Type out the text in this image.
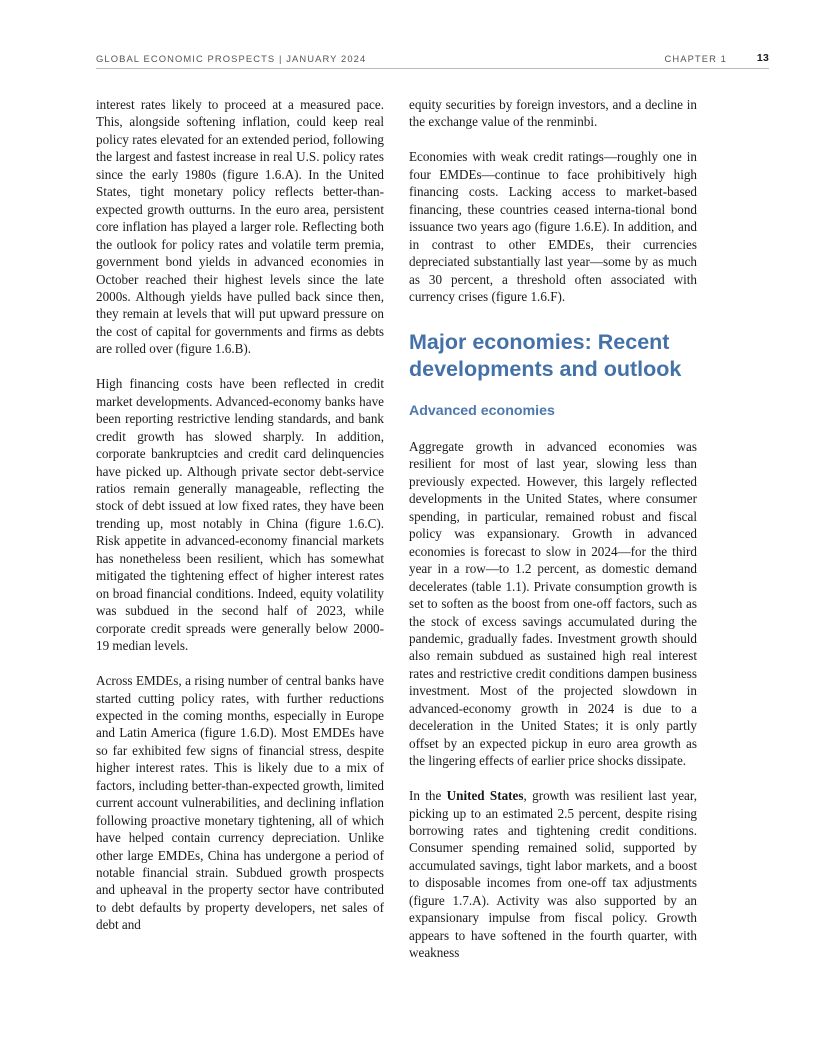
GLOBAL ECONOMIC PROSPECTS | JANUARY 2024	CHAPTER 1	13

interest rates likely to proceed at a measured pace. This, alongside softening inflation, could keep real policy rates elevated for an extended period, following the largest and fastest increase in real U.S. policy rates since the early 1980s (figure 1.6.A). In the United States, tight monetary policy reflects better-than-expected growth outturns. In the euro area, persistent core inflation has played a larger role. Reflecting both the outlook for policy rates and volatile term premia, government bond yields in advanced economies in October reached their highest levels since the late 2000s. Although yields have pulled back since then, they remain at levels that will put upward pressure on the cost of capital for governments and firms as debts are rolled over (figure 1.6.B).

High financing costs have been reflected in credit market developments. Advanced-economy banks have been reporting restrictive lending standards, and bank credit growth has slowed sharply. In addition, corporate bankruptcies and credit card delinquencies have picked up. Although private sector debt-service ratios remain generally manageable, reflecting the stock of debt issued at low fixed rates, they have been trending up, most notably in China (figure 1.6.C). Risk appetite in advanced-economy financial markets has nonetheless been resilient, which has somewhat mitigated the tightening effect of higher interest rates on broad financial conditions. Indeed, equity volatility was subdued in the second half of 2023, while corporate credit spreads were generally below 2000-19 median levels.

Across EMDEs, a rising number of central banks have started cutting policy rates, with further reductions expected in the coming months, especially in Europe and Latin America (figure 1.6.D). Most EMDEs have so far exhibited few signs of financial stress, despite higher interest rates. This is likely due to a mix of factors, including better-than-expected growth, limited current account vulnerabilities, and declining inflation following proactive monetary tightening, all of which have helped contain currency depreciation. Unlike other large EMDEs, China has undergone a period of notable financial strain. Subdued growth prospects and upheaval in the property sector have contributed to debt defaults by property developers, net sales of debt and

equity securities by foreign investors, and a decline in the exchange value of the renminbi.

Economies with weak credit ratings—roughly one in four EMDEs—continue to face prohibitively high financing costs. Lacking access to market-based financing, these countries ceased interna-tional bond issuance two years ago (figure 1.6.E). In addition, and in contrast to other EMDEs, their currencies depreciated substantially last year—some by as much as 30 percent, a threshold often associated with currency crises (figure 1.6.F).

Major economies: Recent developments and outlook
Advanced economies

Aggregate growth in advanced economies was resilient for most of last year, slowing less than previously expected. However, this largely reflected developments in the United States, where consumer spending, in particular, remained robust and fiscal policy was expansionary. Growth in advanced economies is forecast to slow in 2024—for the third year in a row—to 1.2 percent, as domestic demand decelerates (table 1.1). Private consumption growth is set to soften as the boost from one-off factors, such as the stock of excess savings accumulated during the pandemic, gradually fades. Investment growth should also remain subdued as sustained high real interest rates and restrictive credit conditions dampen business investment. Most of the projected slowdown in advanced-economy growth in 2024 is due to a deceleration in the United States; it is only partly offset by an expected pickup in euro area growth as the lingering effects of earlier price shocks dissipate.

In the United States, growth was resilient last year, picking up to an estimated 2.5 percent, despite rising borrowing rates and tightening credit conditions. Consumer spending remained solid, supported by accumulated savings, tight labor markets, and a boost to disposable incomes from one-off tax adjustments (figure 1.7.A). Activity was also supported by an expansionary impulse from fiscal policy. Growth appears to have softened in the fourth quarter, with weakness
